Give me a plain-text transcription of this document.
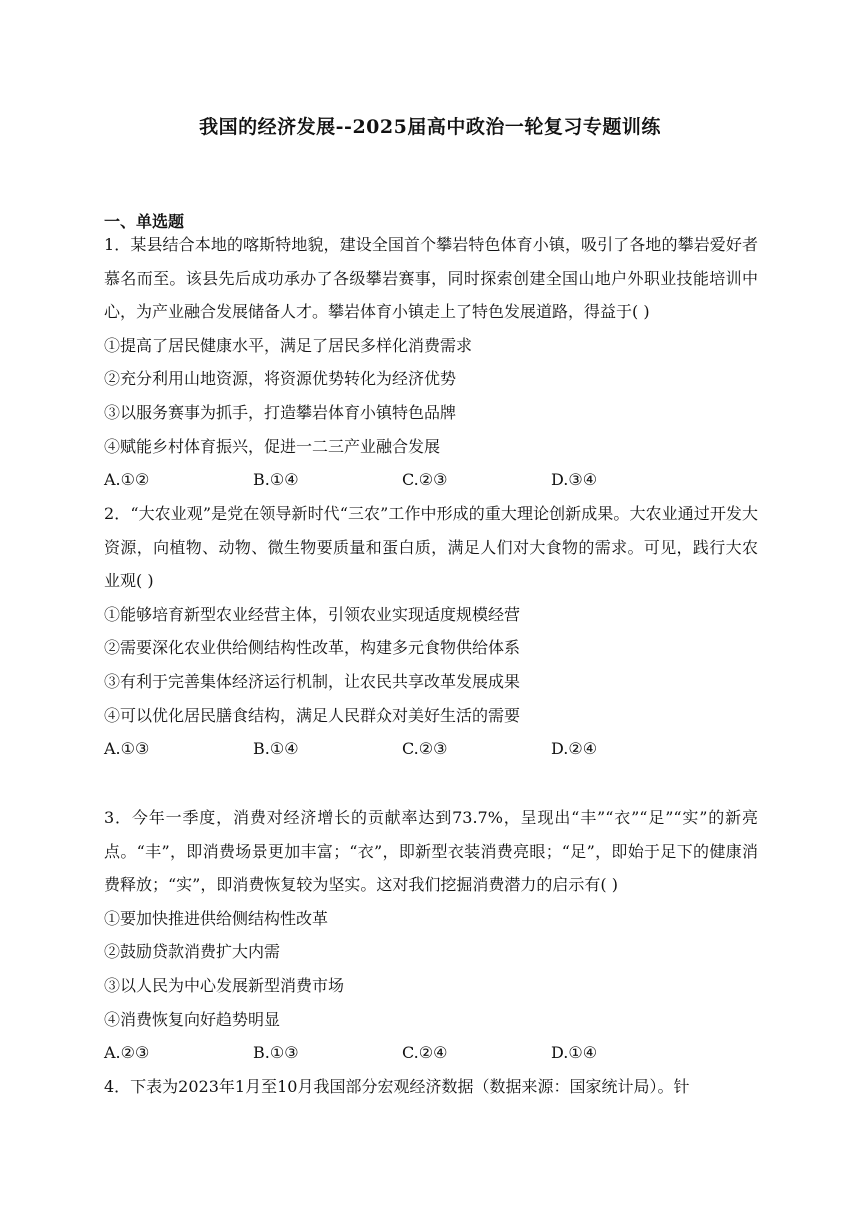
我国的经济发展--2025届高中政治一轮复习专题训练
一、单选题

1．某县结合本地的喀斯特地貌，建设全国首个攀岩特色体育小镇，吸引了各地的攀岩爱好者慕名而至。该县先后成功承办了各级攀岩赛事，同时探索创建全国山地户外职业技能培训中心，为产业融合发展储备人才。攀岩体育小镇走上了特色发展道路，得益于( )

①提高了居民健康水平，满足了居民多样化消费需求

②充分利用山地资源，将资源优势转化为经济优势

③以服务赛事为抓手，打造攀岩体育小镇特色品牌

④赋能乡村体育振兴，促进一二三产业融合发展

A.①②	B.①④	C.②③	D.③④

2．“大农业观”是党在领导新时代“三农”工作中形成的重大理论创新成果。大农业通过开发大资源，向植物、动物、微生物要质量和蛋白质，满足人们对大食物的需求。可见，践行大农业观( )

①能够培育新型农业经营主体，引领农业实现适度规模经营

②需要深化农业供给侧结构性改革，构建多元食物供给体系

③有利于完善集体经济运行机制，让农民共享改革发展成果

④可以优化居民膳食结构，满足人民群众对美好生活的需要

A.①③	B.①④	C.②③	D.②④

3．今年一季度，消费对经济增长的贡献率达到73.7%，呈现出“丰”“衣”“足”“实”的新亮点。“丰”，即消费场景更加丰富；“衣”，即新型衣装消费亮眼；“足”，即始于足下的健康消费释放；“实”，即消费恢复较为坚实。这对我们挖掘消费潜力的启示有( )

①要加快推进供给侧结构性改革

②鼓励贷款消费扩大内需

③以人民为中心发展新型消费市场

④消费恢复向好趋势明显

A.②③	B.①③	C.②④	D.①④

4．下表为2023年1月至10月我国部分宏观经济数据（数据来源：国家统计局）。针
